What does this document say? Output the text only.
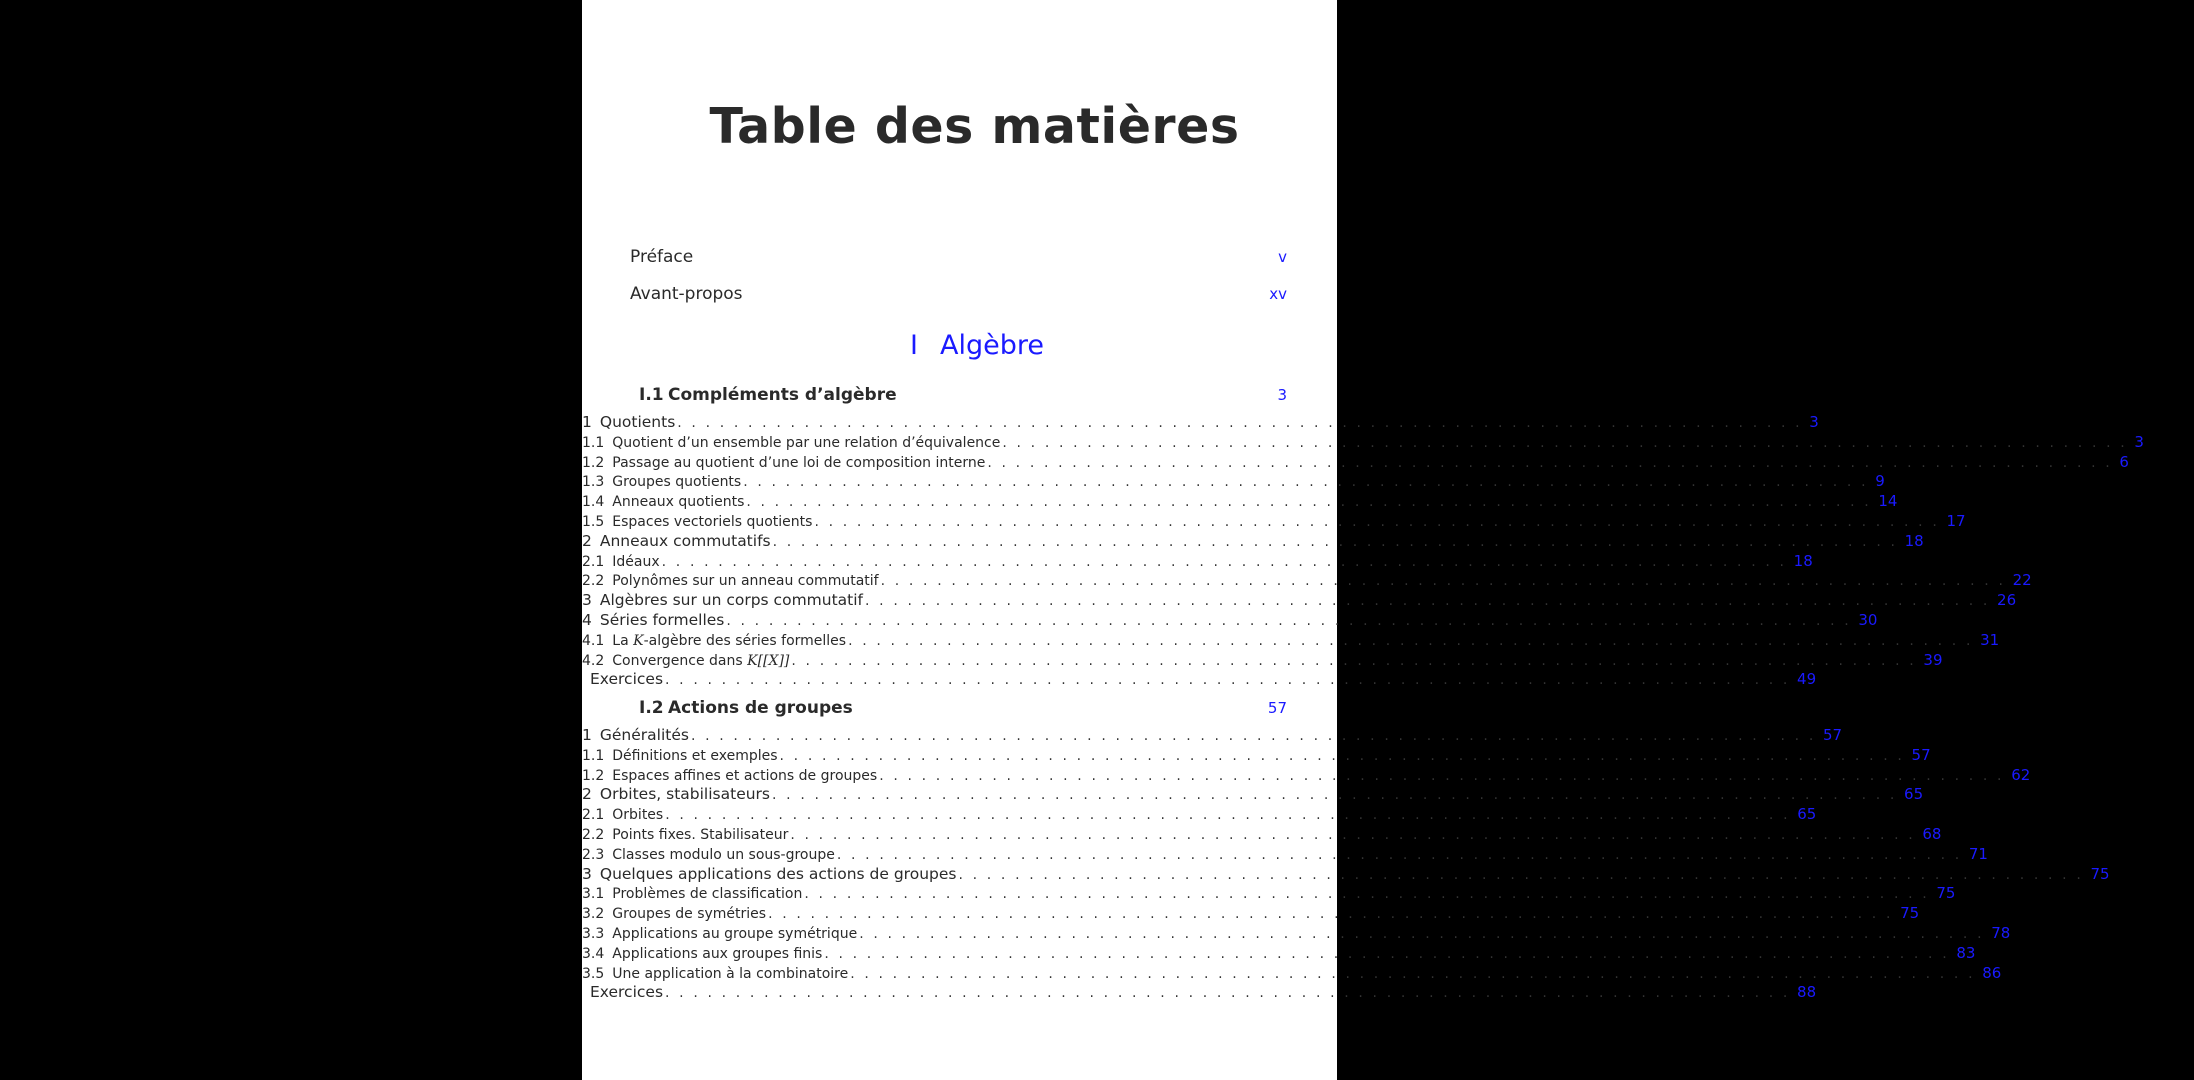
Table des matières
Préface	v
Avant-propos	xv
I Algèbre
I.1 Compléments d’algèbre	3
1 Quotients ................................................................................ 3
1.1 Quotient d’un ensemble par une relation d’équivalence ................................................................................ 3
1.2 Passage au quotient d’une loi de composition interne ................................................................................ 6
1.3 Groupes quotients ................................................................................ 9
1.4 Anneaux quotients ................................................................................ 14
1.5 Espaces vectoriels quotients ................................................................................ 17
2 Anneaux commutatifs ................................................................................ 18
2.1 Idéaux ................................................................................ 18
2.2 Polynômes sur un anneau commutatif ................................................................................ 22
3 Algèbres sur un corps commutatif ................................................................................ 26
4 Séries formelles ................................................................................ 30
4.1 La K-algèbre des séries formelles ................................................................................ 31
4.2 Convergence dans K[[X]] ................................................................................ 39
Exercices ................................................................................ 49
I.2 Actions de groupes	57
1 Généralités ................................................................................ 57
1.1 Définitions et exemples ................................................................................ 57
1.2 Espaces affines et actions de groupes ................................................................................ 62
2 Orbites, stabilisateurs ................................................................................ 65
2.1 Orbites ................................................................................ 65
2.2 Points fixes. Stabilisateur ................................................................................ 68
2.3 Classes modulo un sous-groupe ................................................................................ 71
3 Quelques applications des actions de groupes ................................................................................ 75
3.1 Problèmes de classification ................................................................................ 75
3.2 Groupes de symétries ................................................................................ 75
3.3 Applications au groupe symétrique ................................................................................ 78
3.4 Applications aux groupes finis ................................................................................ 83
3.5 Une application à la combinatoire ................................................................................ 86
Exercices ................................................................................ 88
